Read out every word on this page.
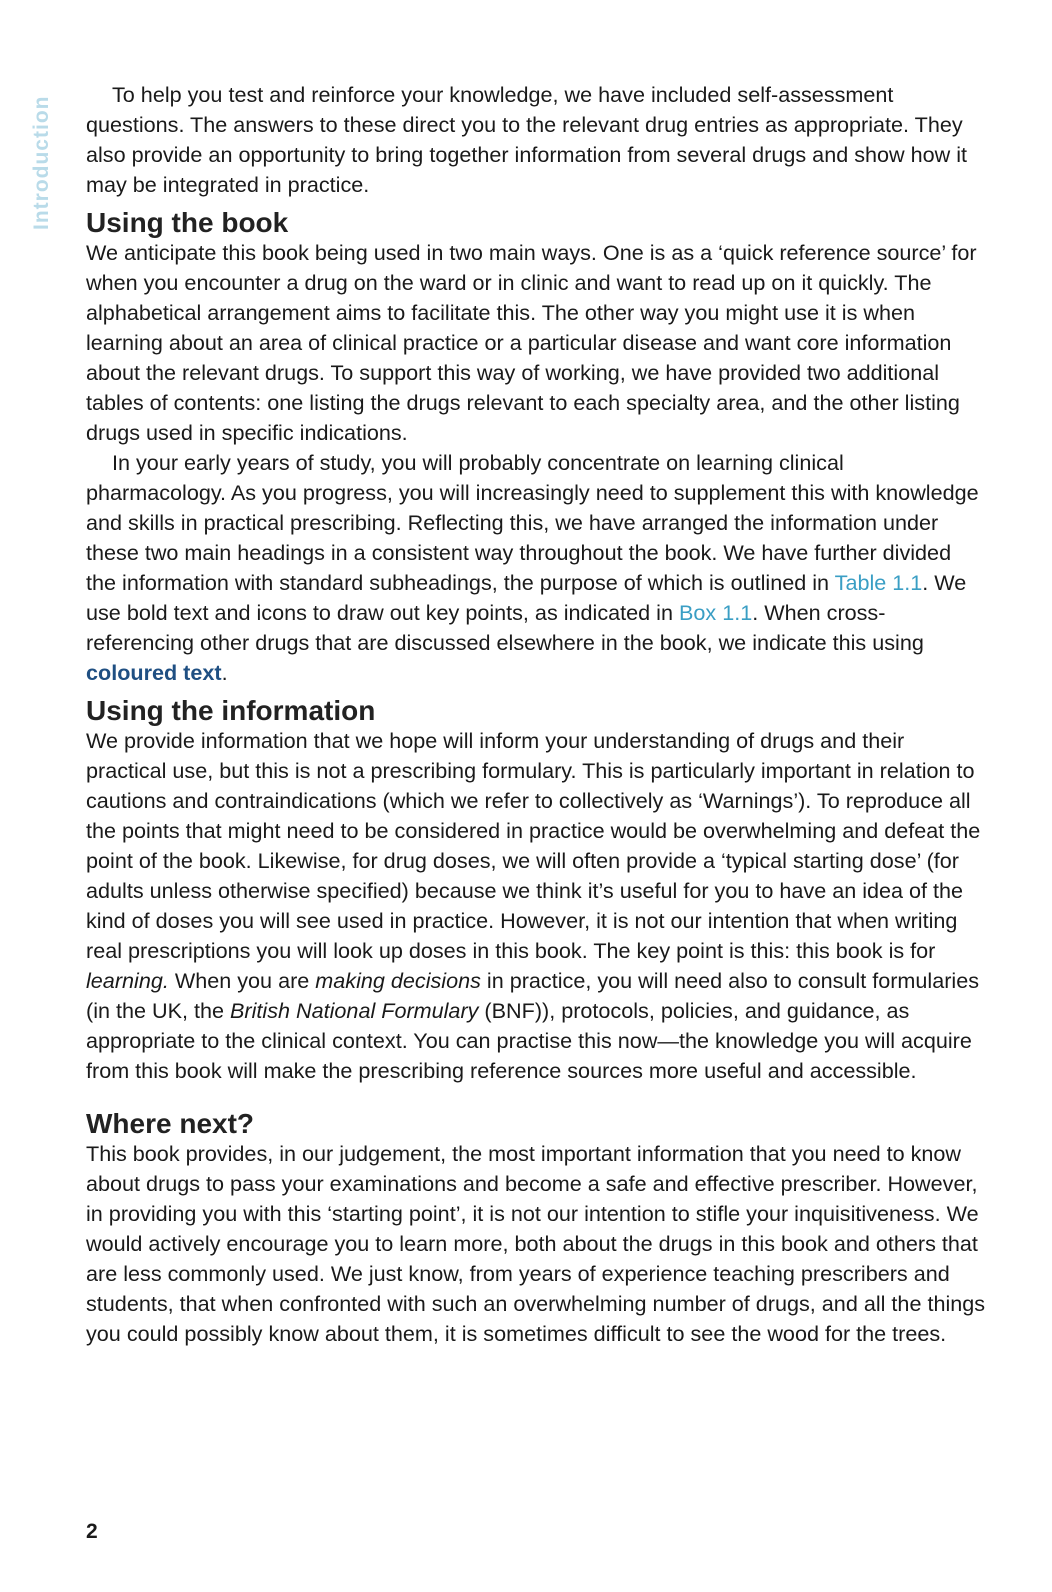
Introduction

To help you test and reinforce your knowledge, we have included self-assessment questions. The answers to these direct you to the relevant drug entries as appropriate. They also provide an opportunity to bring together information from several drugs and show how it may be integrated in practice.

Using the book

We anticipate this book being used in two main ways. One is as a ‘quick reference source’ for when you encounter a drug on the ward or in clinic and want to read up on it quickly. The alphabetical arrangement aims to facilitate this. The other way you might use it is when learning about an area of clinical practice or a particular disease and want core information about the relevant drugs. To support this way of working, we have provided two additional tables of contents: one listing the drugs relevant to each specialty area, and the other listing drugs used in specific indications.

In your early years of study, you will probably concentrate on learning clinical pharmacology. As you progress, you will increasingly need to supplement this with knowledge and skills in practical prescribing. Reflecting this, we have arranged the information under these two main headings in a consistent way throughout the book. We have further divided the information with standard subheadings, the purpose of which is outlined in Table 1.1. We use bold text and icons to draw out key points, as indicated in Box 1.1. When cross-referencing other drugs that are discussed elsewhere in the book, we indicate this using coloured text.

Using the information

We provide information that we hope will inform your understanding of drugs and their practical use, but this is not a prescribing formulary. This is particularly important in relation to cautions and contraindications (which we refer to collectively as ‘Warnings’). To reproduce all the points that might need to be considered in practice would be overwhelming and defeat the point of the book. Likewise, for drug doses, we will often provide a ‘typical starting dose’ (for adults unless otherwise specified) because we think it’s useful for you to have an idea of the kind of doses you will see used in practice. However, it is not our intention that when writing real prescriptions you will look up doses in this book. The key point is this: this book is for learning. When you are making decisions in practice, you will need also to consult formularies (in the UK, the British National Formulary (BNF)), protocols, policies, and guidance, as appropriate to the clinical context. You can practise this now—the knowledge you will acquire from this book will make the prescribing reference sources more useful and accessible.

Where next?

This book provides, in our judgement, the most important information that you need to know about drugs to pass your examinations and become a safe and effective prescriber. However, in providing you with this ‘starting point’, it is not our intention to stifle your inquisitiveness. We would actively encourage you to learn more, both about the drugs in this book and others that are less commonly used. We just know, from years of experience teaching prescribers and students, that when confronted with such an overwhelming number of drugs, and all the things you could possibly know about them, it is sometimes difficult to see the wood for the trees.

2
